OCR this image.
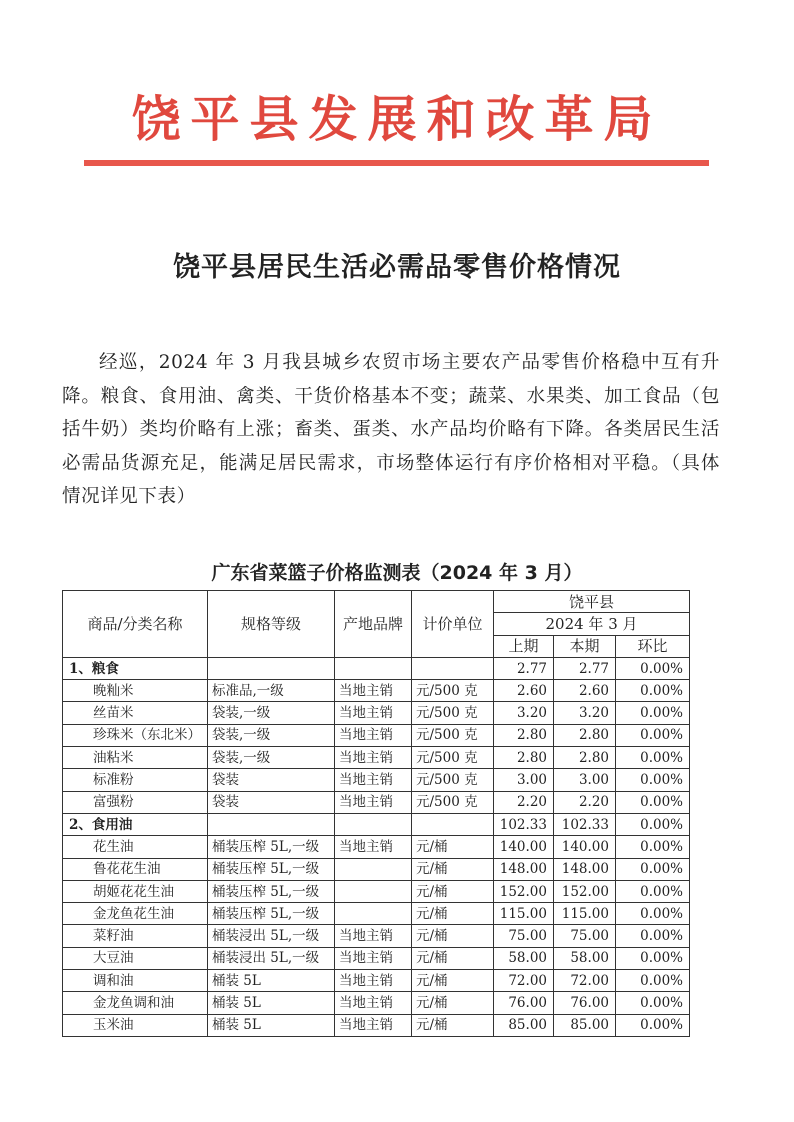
饶平县发展和改革局
饶平县居民生活必需品零售价格情况

经巡，2024 年 3 月我县城乡农贸市场主要农产品零售价格稳中互有升降。粮食、食用油、禽类、干货价格基本不变；蔬菜、水果类、加工食品（包括牛奶）类均价略有上涨；畜类、蛋类、水产品均价略有下降。各类居民生活必需品货源充足，能满足居民需求，市场整体运行有序价格相对平稳。（具体情况详见下表）

广东省菜篮子价格监测表（2024 年 3 月）
商品/分类名称	规格等级	产地品牌	计价单位	饶平县		
				2024 年 3 月		
				上期	本期	环比
1、粮食				2.77	2.77	0.00%
晚籼米	标准品,一级	当地主销	元/500 克	2.60	2.60	0.00%
丝苗米	袋装,一级	当地主销	元/500 克	3.20	3.20	0.00%
珍珠米（东北米）	袋装,一级	当地主销	元/500 克	2.80	2.80	0.00%
油粘米	袋装,一级	当地主销	元/500 克	2.80	2.80	0.00%
标准粉	袋装	当地主销	元/500 克	3.00	3.00	0.00%
富强粉	袋装	当地主销	元/500 克	2.20	2.20	0.00%
2、食用油				102.33	102.33	0.00%
花生油	桶装压榨 5L,一级	当地主销	元/桶	140.00	140.00	0.00%
鲁花花生油	桶装压榨 5L,一级		元/桶	148.00	148.00	0.00%
胡姬花花生油	桶装压榨 5L,一级		元/桶	152.00	152.00	0.00%
金龙鱼花生油	桶装压榨 5L,一级		元/桶	115.00	115.00	0.00%
菜籽油	桶装浸出 5L,一级	当地主销	元/桶	75.00	75.00	0.00%
大豆油	桶装浸出 5L,一级	当地主销	元/桶	58.00	58.00	0.00%
调和油	桶装 5L	当地主销	元/桶	72.00	72.00	0.00%
金龙鱼调和油	桶装 5L	当地主销	元/桶	76.00	76.00	0.00%
玉米油	桶装 5L	当地主销	元/桶	85.00	85.00	0.00%
